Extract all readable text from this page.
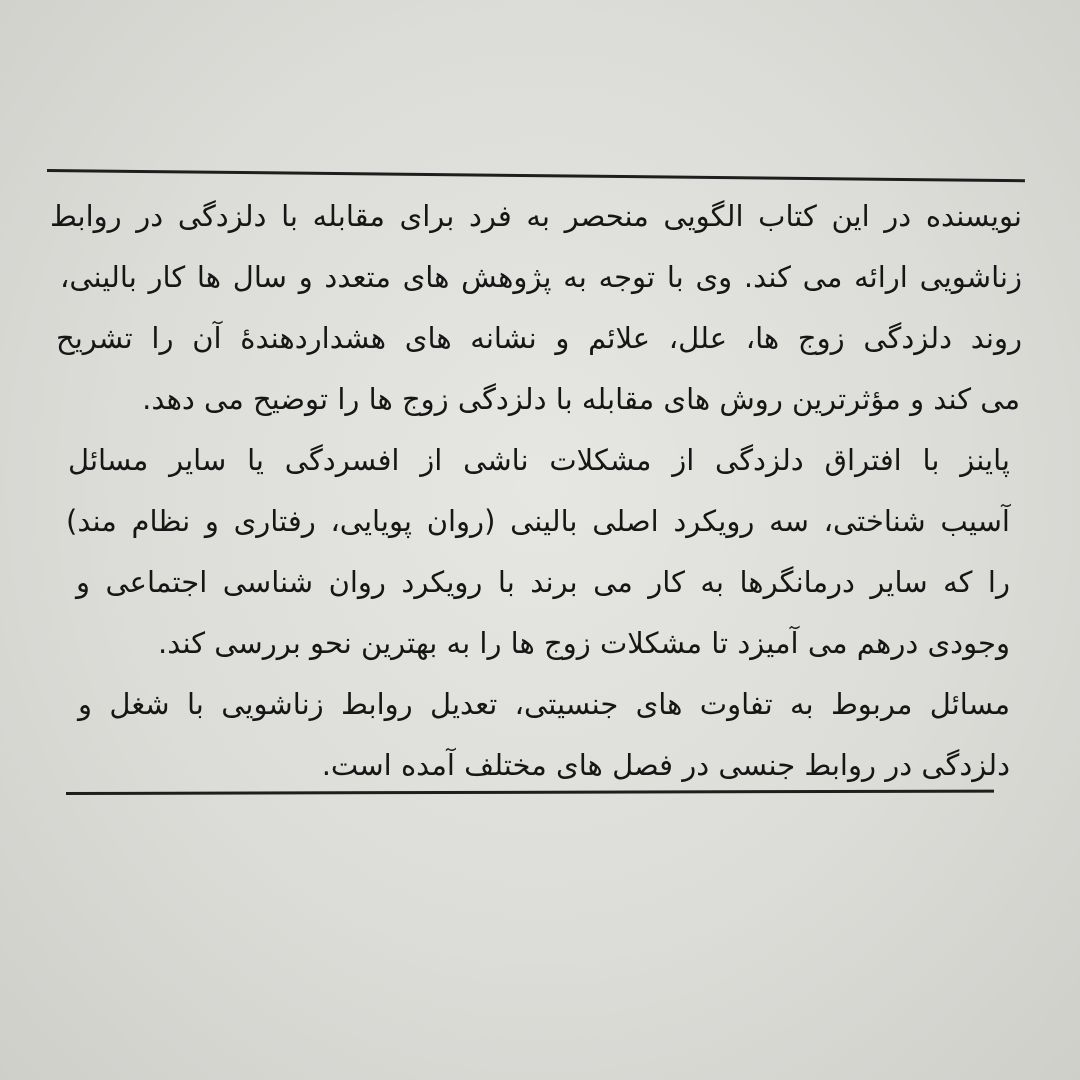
نویسنده در این کتاب الگویی منحصر به فرد برای مقابله با دلزدگی در روابط
زناشویی ارائه می کند. وی با توجه به پژوهش های متعدد و سال ها کار بالینی،
روند دلزدگی زوج ها، علل، علائم و نشانه های هشداردهندهٔ آن را تشریح
می کند و مؤثرترین روش های مقابله با دلزدگی زوج ها را توضیح می دهد.
پاینز با افتراق دلزدگی از مشکلات ناشی از افسردگی یا سایر مسائل
آسیب شناختی، سه رویکرد اصلی بالینی (روان پویایی، رفتاری و نظام مند)
را که سایر درمانگرها به کار می برند با رویکرد روان شناسی اجتماعی و
وجودی درهم می آمیزد تا مشکلات زوج ها را به بهترین نحو بررسی کند.
مسائل مربوط به تفاوت های جنسیتی، تعدیل روابط زناشویی با شغل و
دلزدگی در روابط جنسی در فصل های مختلف آمده است.
